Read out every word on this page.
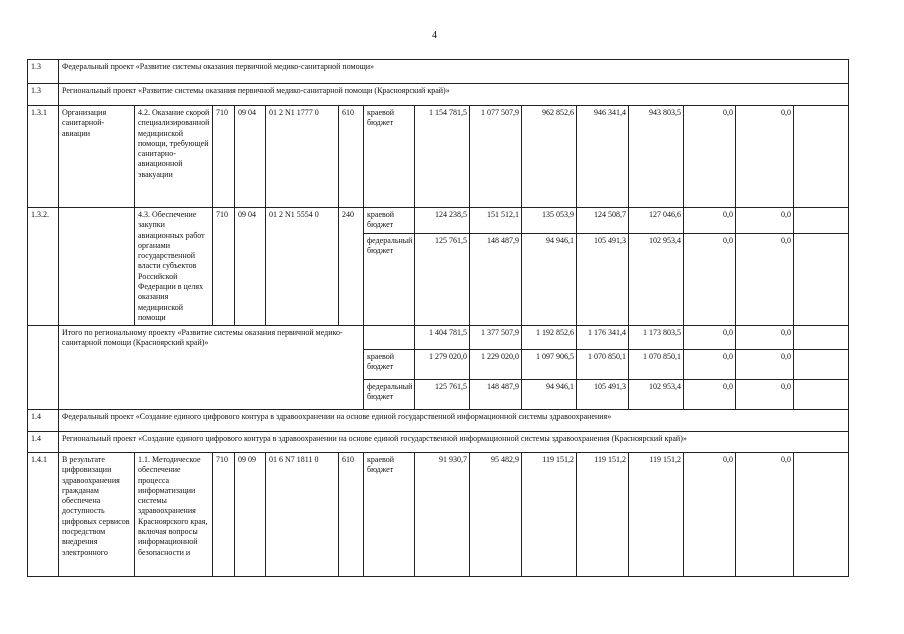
4
1.3	Федеральный проект «Развитие системы оказания первичной медико-санитарной помощи»														
1.3	Региональный проект «Развитие системы оказания первичной медико-санитарной помощи (Красноярский край)»														
1.3.1	Организация санитарной-авиации	4.2. Оказание скорой специализированной медицинской помощи, требующей санитарно-авиационной эвакуации	710	09 04	01 2 N1 1777 0	610	краевой бюджет	1 154 781,5	1 077 507,9	962 852,6	946 341,4	943 803,5	0,0	0,0	
1.3.2.		4.3. Обеспечение закупки авиационных работ органами государственной власти субъектов Российской Федерации в целях оказания медицинской помощи	710	09 04	01 2 N1 5554 0	240	краевой бюджет	124 238,5	151 512,1	135 053,9	124 508,7	127 046,6	0,0	0,0	
							федеральный бюджет	125 761,5	148 487,9	94 946,1	105 491,3	102 953,4	0,0	0,0	
	Итого по региональному проекту «Развитие системы оказания первичной медико-санитарной помощи (Красноярский край)»							1 404 781,5	1 377 507,9	1 192 852,6	1 176 341,4	1 173 803,5	0,0	0,0	
							краевой бюджет	1 279 020,0	1 229 020,0	1 097 906,5	1 070 850,1	1 070 850,1	0,0	0,0	
							федеральный бюджет	125 761,5	148 487,9	94 946,1	105 491,3	102 953,4	0,0	0,0	
1.4	Федеральный проект «Создание единого цифрового контура в здравоохранении на основе единой государственной информационной системы здравоохранения»														
1.4	Региональный проект «Создание единого цифрового контура в здравоохранении на основе единой государственной информационной системы здравоохранения (Красноярский край)»														
1.4.1	В результате цифровизации здравоохранения гражданам обеспечена доступность цифровых сервисов посредством внедрения электронного	1.1. Методическое обеспечение процесса информатизации системы здравоохранения Красноярского края, включая вопросы информационной безопасности и	710	09 09	01 6 N7 1811 0	610	краевой бюджет	91 930,7	95 482,9	119 151,2	119 151,2	119 151,2	0,0	0,0	
